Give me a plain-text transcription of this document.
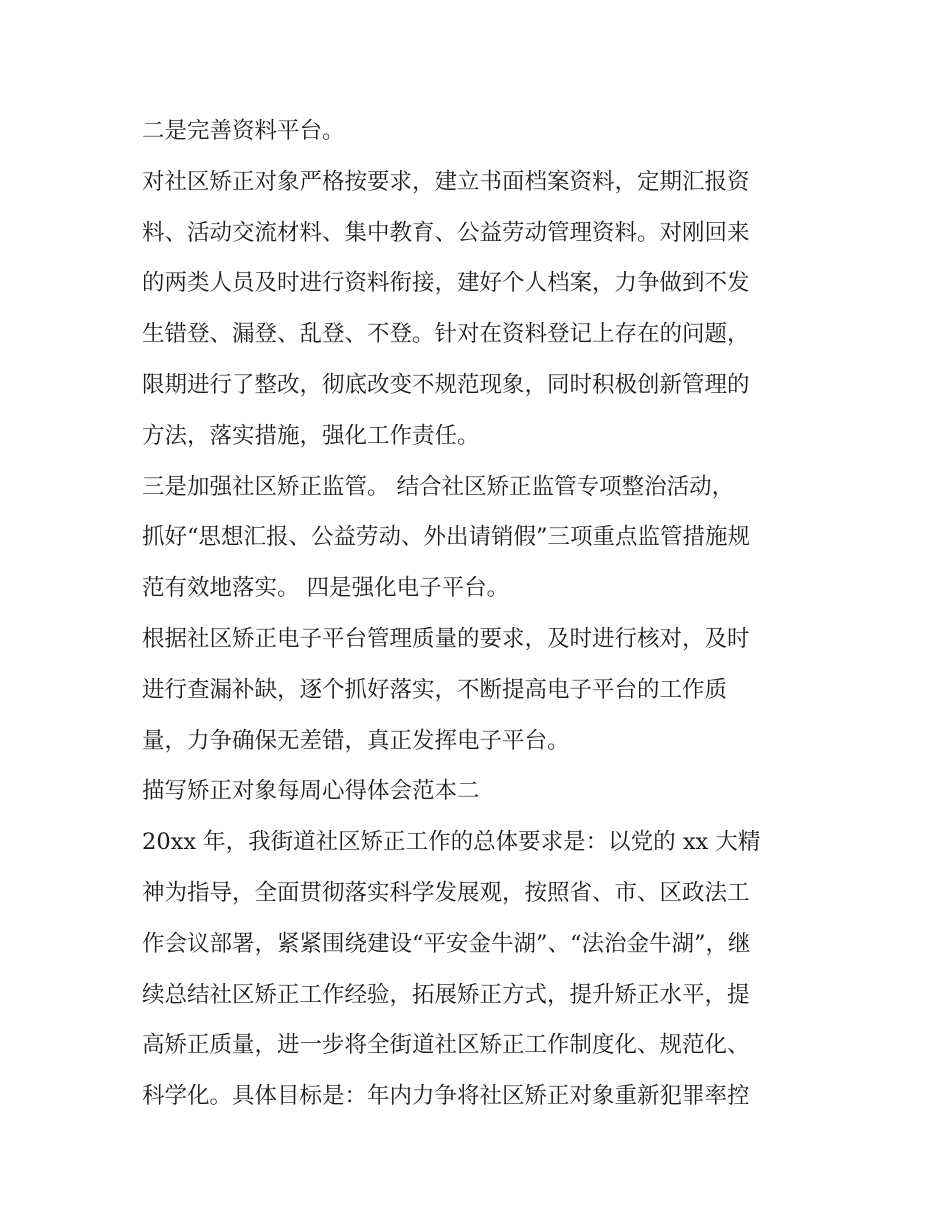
二是完善资料平台。
对社区矫正对象严格按要求，建立书面档案资料，定期汇报资
料、活动交流材料、集中教育、公益劳动管理资料。对刚回来
的两类人员及时进行资料衔接，建好个人档案，力争做到不发
生错登、漏登、乱登、不登。针对在资料登记上存在的问题，
限期进行了整改，彻底改变不规范现象，同时积极创新管理的
方法，落实措施，强化工作责任。
三是加强社区矫正监管。 结合社区矫正监管专项整治活动，
抓好“思想汇报、公益劳动、外出请销假”三项重点监管措施规
范有效地落实。 四是强化电子平台。
根据社区矫正电子平台管理质量的要求，及时进行核对，及时
进行查漏补缺，逐个抓好落实，不断提高电子平台的工作质
量，力争确保无差错，真正发挥电子平台。
描写矫正对象每周心得体会范本二
20xx 年，我街道社区矫正工作的总体要求是：以党的 xx 大精
神为指导，全面贯彻落实科学发展观，按照省、市、区政法工
作会议部署，紧紧围绕建设“平安金牛湖”、“法治金牛湖”，继
续总结社区矫正工作经验，拓展矫正方式，提升矫正水平，提
高矫正质量，进一步将全街道社区矫正工作制度化、规范化、
科学化。具体目标是：年内力争将社区矫正对象重新犯罪率控
